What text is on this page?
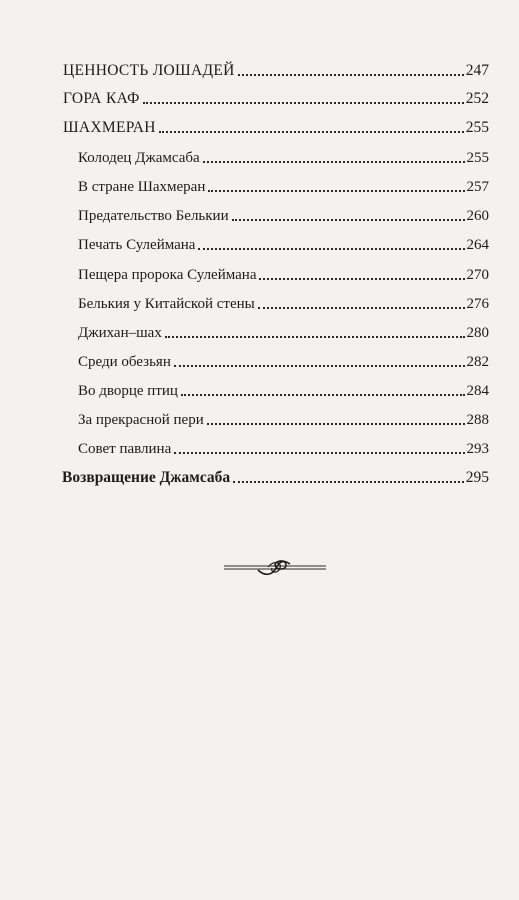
ЦЕННОСТЬ ЛОШАДЕЙ	247
ГОРА КАФ	252
ШАХМЕРАН	255
Колодец Джамсаба	255
В стране Шахмеран	257
Предательство Белькии	260
Печать Сулеймана	264
Пещера пророка Сулеймана	270
Белькия у Китайской стены	276
Джихан–шах	280
Среди обезьян	282
Во дворце птиц	284
За прекрасной пери	288
Совет павлина	293
Возвращение Джамсаба	295
